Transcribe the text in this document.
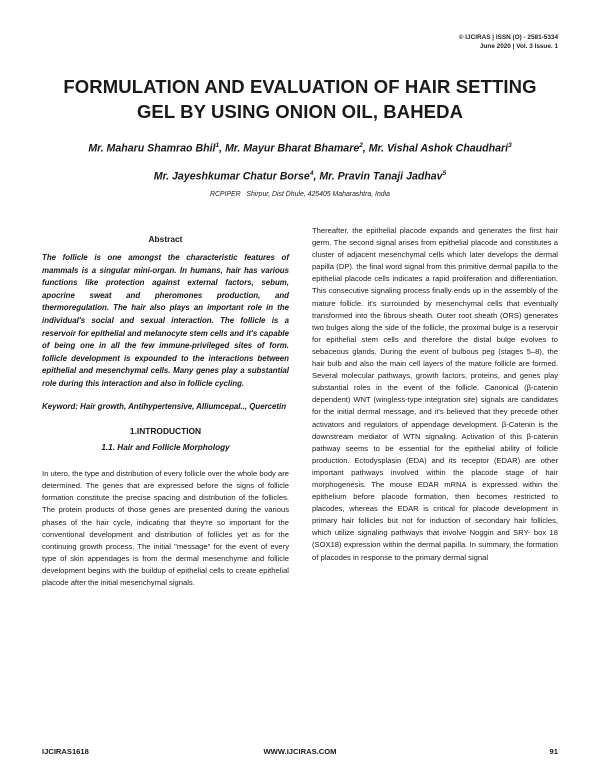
© IJCIRAS | ISSN (O) - 2581-5334
June 2020 | Vol. 3 Issue. 1
FORMULATION AND EVALUATION OF HAIR SETTING
GEL BY USING ONION OIL, BAHEDA
Mr. Maharu Shamrao Bhil$^1$, Mr. Mayur Bharat Bhamare$^2$, Mr. Vishal Ashok Chaudhari$^3$
Mr. Jayeshkumar Chatur Borse$^4$, Mr. Pravin Tanaji Jadhav$^5$
RCPIPER   Shirpur, Dist Dhule, 425405 Maharashtra, India
Abstract

The follicle is one amongst the characteristic features of mammals is a singular mini-organ. In humans, hair has various functions like protection against external factors, sebum, apocrine sweat and pheromones production, and thermoregulation. The hair also plays an important role in the individual's social and sexual interaction. The follicle is a reservoir for epithelial and melanocyte stem cells and it's capable of being one in all the few immune-privileged sites of form. follicle development is expounded to the interactions between epithelial and mesenchymal cells. Many genes play a substantial role during this interaction and also in follicle cycling.

Keyword: Hair growth, Antihypertensive, Alliumcepal.., Quercetin

1.INTRODUCTION
1.1. Hair and Follicle Morphology

In utero, the type and distribution of every follicle over the whole body are determined. The genes that are expressed before the signs of follicle formation constitute the precise spacing and distribution of the follicles. The protein products of those genes are presented during the various phases of the hair cycle, indicating that they're so important for the conventional development and distribution of follicles yet as for the continuing growth process. The initial "message" for the event of every type of skin appendages is from the dermal mesenchyme and follicle development begins with the buildup of epithelial cells to create epithelial placode after the initial mesenchymal signals.

Thereafter, the epithelial placode expands and generates the first hair germ. The second signal arises from epithelial placode and constitutes a cluster of adjacent mesenchymal cells which later develops the dermal papilla (DP). the final word signal from this primitive dermal papilla to the epithelial placode cells indicates a rapid proliferation and differentiation. This consecutive signaling process finally ends up in the assembly of the mature follicle. it's surrounded by mesenchymal cells that eventually transformed into the fibrous sheath. Outer root sheath (ORS) generates two bulges along the side of the follicle, the proximal bulge is a reservoir for epithelial stem cells and therefore the distal bulge evolves to sebaceous glands. During the event of bulbous peg (stages 5–8), the hair bulb and also the main cell layers of the mature follicle are formed. Several molecular pathways, growth factors, proteins, and genes play substantial roles in the event of the follicle. Canonical (β-catenin dependent) WNT (wingless-type integration site) signals are candidates for the initial dermal message, and it's believed that they precede other activators and regulators of appendage development. β-Catenin is the downstream mediator of WTN signaling. Activation of this β-catenin pathway seems to be essential for the epithelial ability of follicle production. Ectodysplasin (EDA) and its receptor (EDAR) are other important pathways involved within the placode stage of hair morphogenesis. The mouse EDAR mRNA is expressed within the epithelium before placode formation, then becomes restricted to placodes, whereas the EDAR is critical for placode development in primary hair follicles but not for induction of secondary hair follicles, which utilize signaling pathways that involve Noggin and SRY- box 18 (SOX18) expression within the dermal papilla. In summary, the formation of placodes in response to the primary dermal signal

IJCIRAS1618	WWW.IJCIRAS.COM	91
